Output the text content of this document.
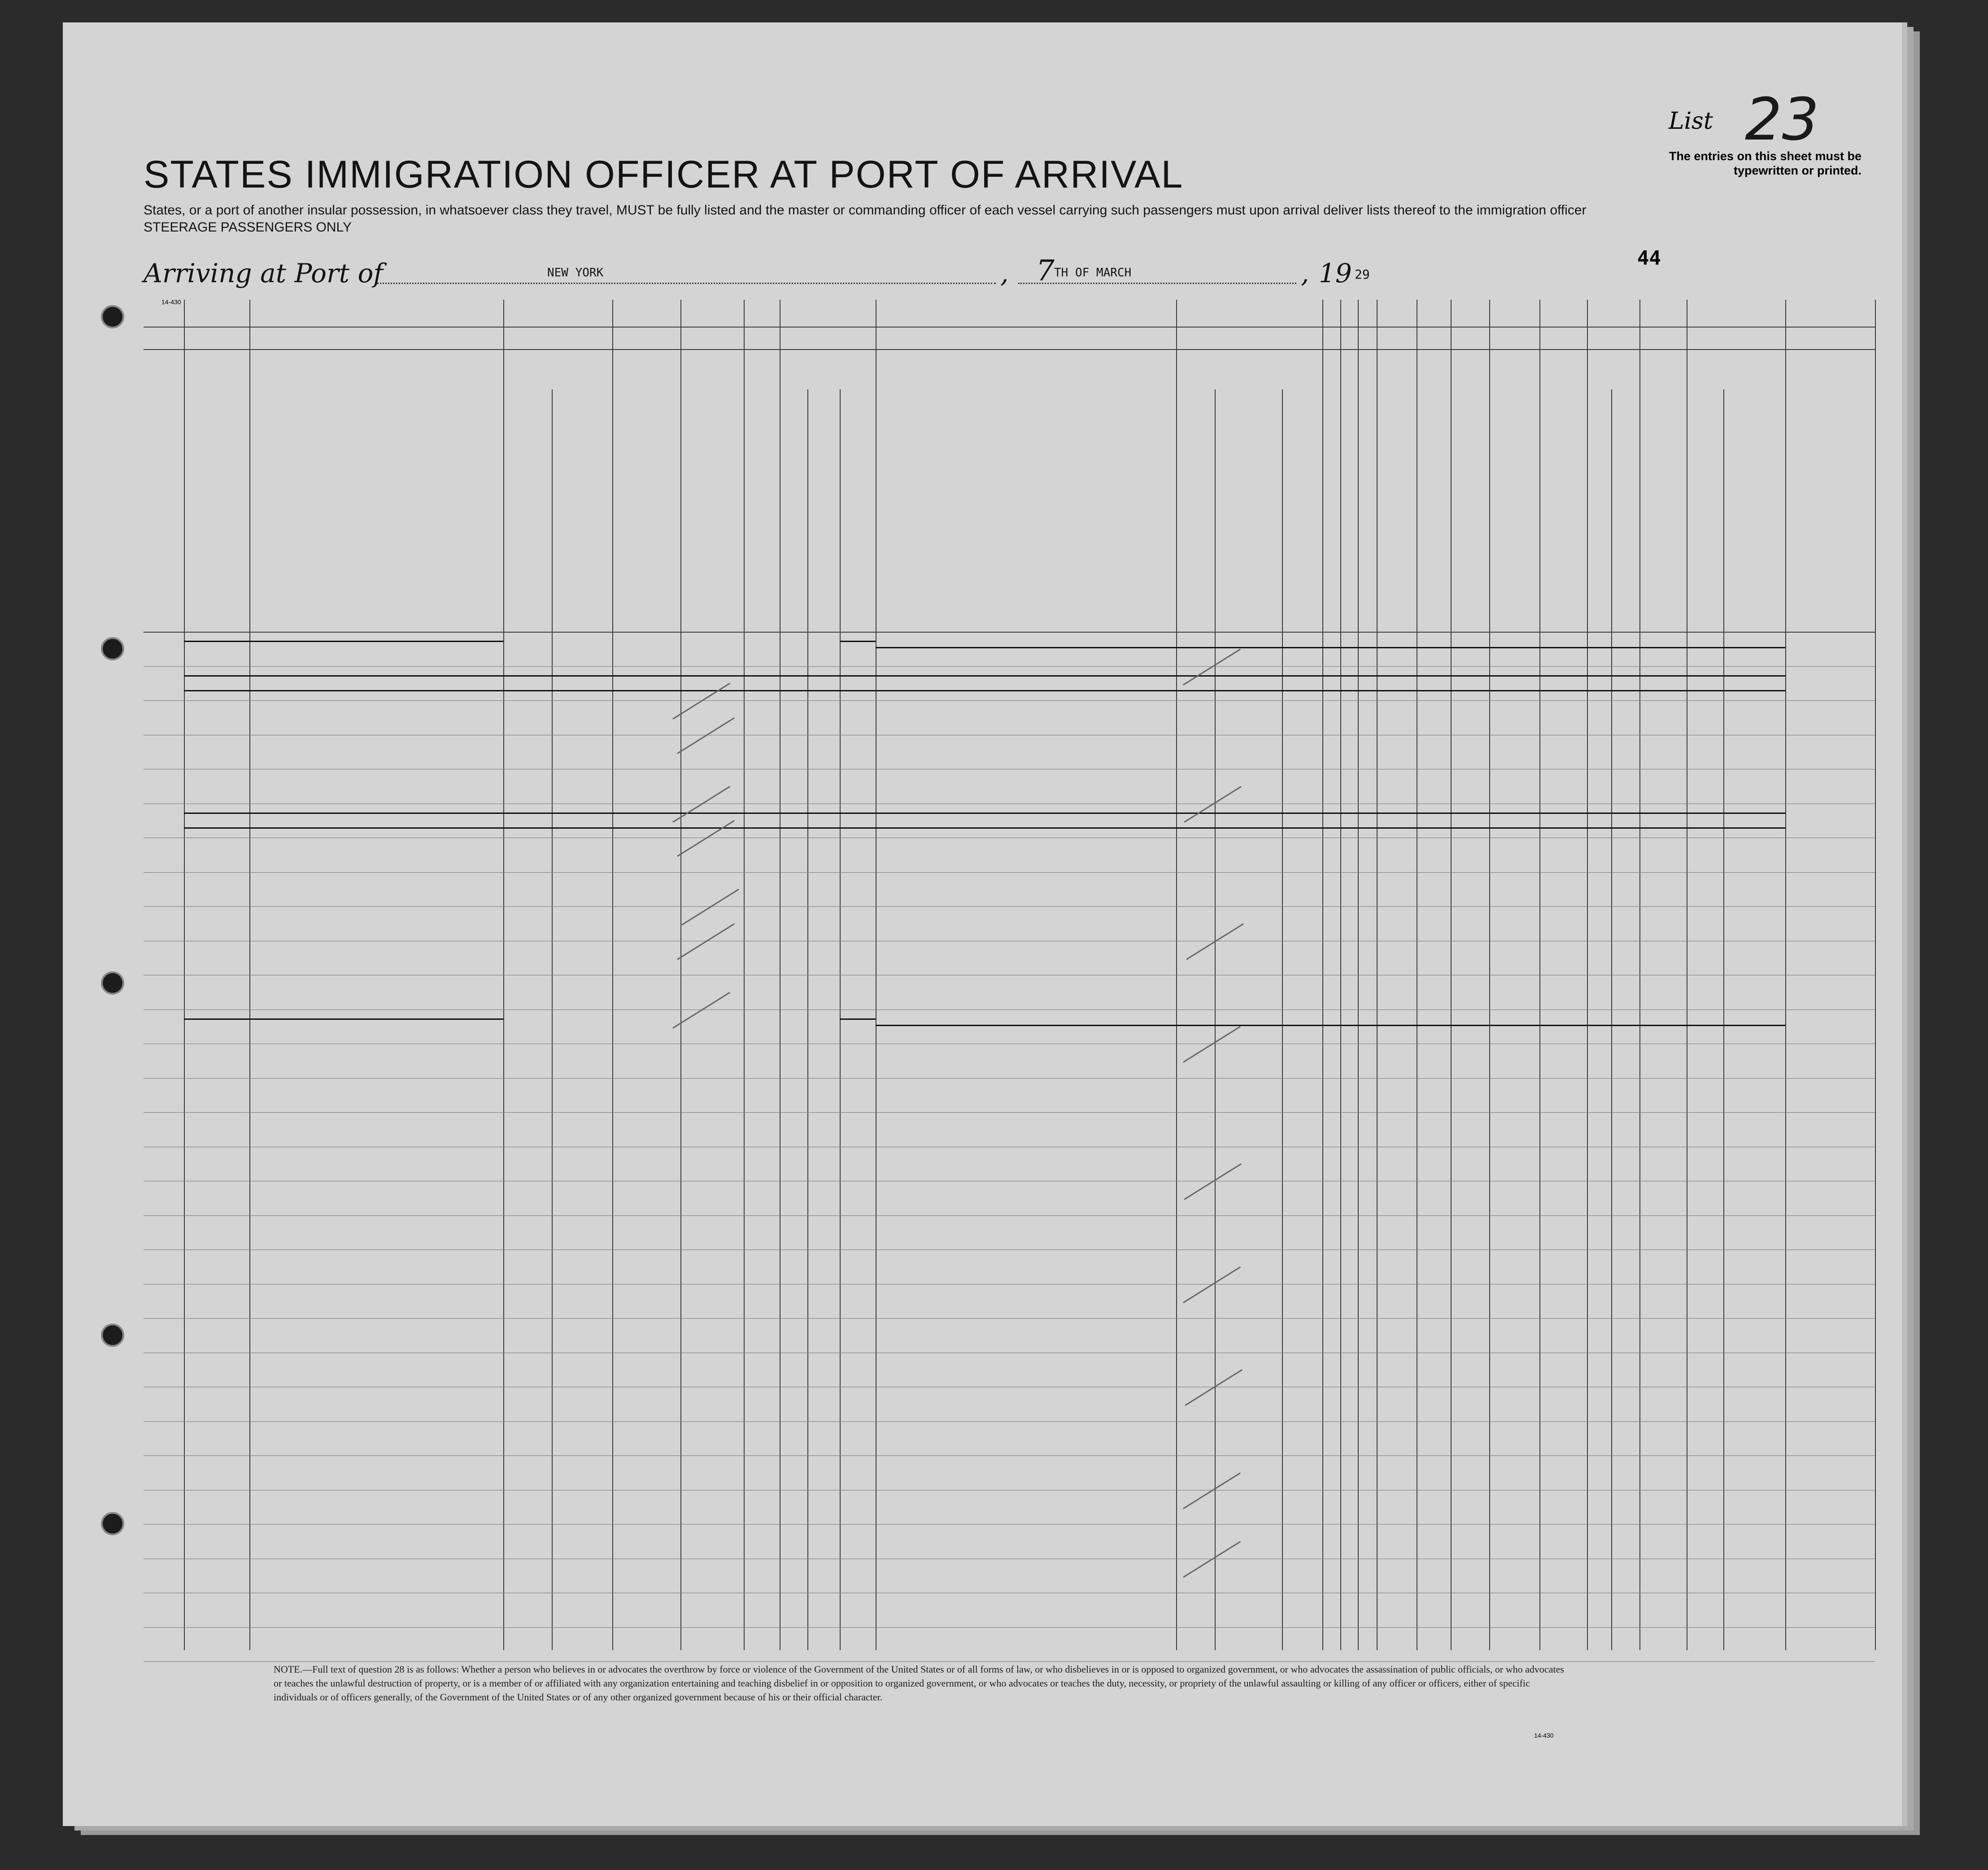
List 23
The entries on this sheet must be typewritten or printed.
STATES IMMIGRATION OFFICER AT PORT OF ARRIVAL
States, or a port of another insular possession, in whatsoever class they travel, MUST be fully listed and the master or commanding officer of each vessel carrying such passengers must upon arrival deliver lists thereof to the immigration officer
STEERAGE PASSENGERS ONLY
Arriving at Port of	NEW YORK	, 7 TH OF MARCH	, 19 29
44
14-430
NOTE.—Full text of question 28 is as follows: Whether a person who believes in or advocates the overthrow by force or violence of the Government of the United States or of all forms of law, or who disbelieves in or is opposed to organized government, or who advocates the assassination of public officials, or who advocates or teaches the unlawful destruction of property, or is a member of or affiliated with any organization entertaining and teaching disbelief in or opposition to organized government, or who advocates or teaches the duty, necessity, or propriety of the unlawful assaulting or killing of any officer or officers, either of specific individuals or of officers generally, of the Government of the United States or of any other organized government because of his or their official character.
14-430
